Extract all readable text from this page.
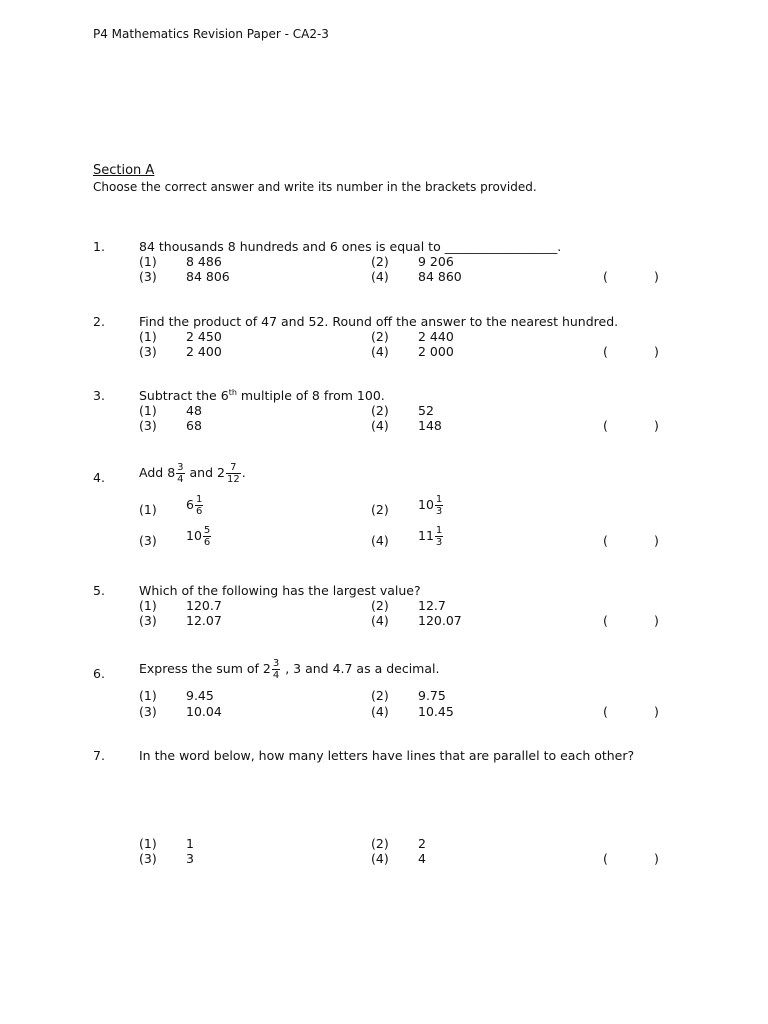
P4 Mathematics Revision Paper - CA2-3
Section A
Choose the correct answer and write its number in the brackets provided.
1.	84 thousands 8 hundreds and 6 ones is equal to __________________.
(1) 8 486	(2) 9 206
(3) 84 806	(4) 84 860	(	)
2.	Find the product of 47 and 52. Round off the answer to the nearest hundred.
(1) 2 450	(2) 2 440
(3) 2 400	(4) 2 000	(	)
3.	Subtract the 6th multiple of 8 from 100.
(1) 48	(2) 52
(3) 68	(4) 148	(	)
4.	Add $8 \frac{3}{4}$ and $2 \frac{7}{12}$ .
(1) $6 \frac{1}{6}$	(2) $10 \frac{1}{3}$
(3) $10 \frac{5}{6}$	(4) $11 \frac{1}{3}$	(	)
5.	Which of the following has the largest value?
(1) 120.7	(2) 12.7
(3) 12.07	(4) 120.07	(	)
6.	Express the sum of $2 \frac{3}{4}$ , 3 and 4.7 as a decimal.
(1) 9.45	(2) 9.75
(3) 10.04	(4) 10.45	(	)
7.	In the word below, how many letters have lines that are parallel to each other?
(1) 1	(2) 2
(3) 3	(4) 4	(	)
